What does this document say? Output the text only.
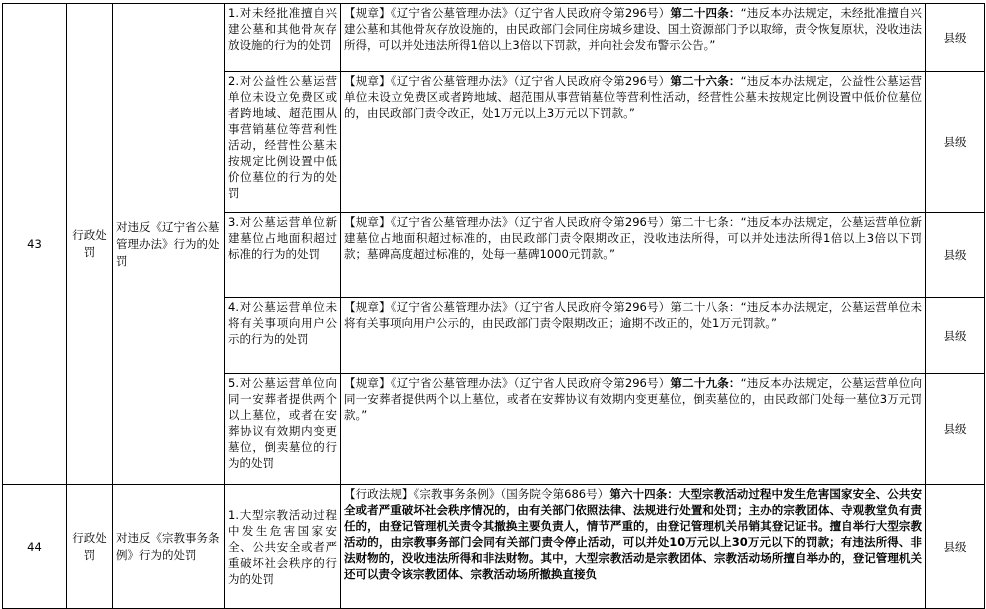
43	行政处罚	对违反《辽宁省公墓管理办法》行为的处罚	1.对未经批准擅自兴建公墓和其他骨灰存放设施的行为的处罚	【规章】《辽宁省公墓管理办法》（辽宁省人民政府令第296号）第二十四条：“违反本办法规定，未经批准擅自兴建公墓和其他骨灰存放设施的，由民政部门会同住房城乡建设、国土资源部门予以取缔，责令恢复原状，没收违法所得，可以并处违法所得1倍以上3倍以下罚款，并向社会发布警示公告。”	县级

			2.对公益性公墓运营单位未设立免费区或者跨地域、超范围从事营销墓位等营利性活动，经营性公墓未按规定比例设置中低价位墓位的行为的处罚	【规章】《辽宁省公墓管理办法》（辽宁省人民政府令第296号）第二十六条：“违反本办法规定，公益性公墓运营单位未设立免费区或者跨地域、超范围从事营销墓位等营利性活动，经营性公墓未按规定比例设置中低价位墓位的，由民政部门责令改正，处1万元以上3万元以下罚款。”	县级

			3.对公墓运营单位新建墓位占地面积超过标准的行为的处罚	【规章】《辽宁省公墓管理办法》（辽宁省人民政府令第296号）第二十七条：“违反本办法规定，公墓运营单位新建墓位占地面积超过标准的，由民政部门责令限期改正，没收违法所得，可以并处违法所得1倍以上3倍以下罚款；墓碑高度超过标准的，处每一墓碑1000元罚款。”	县级

			4.对公墓运营单位未将有关事项向用户公示的行为的处罚	【规章】《辽宁省公墓管理办法》（辽宁省人民政府令第296号）第二十八条：“违反本办法规定，公墓运营单位未将有关事项向用户公示的，由民政部门责令限期改正；逾期不改正的，处1万元罚款。”	县级

			5.对公墓运营单位向同一安葬者提供两个以上墓位，或者在安葬协议有效期内变更墓位，倒卖墓位的行为的处罚	【规章】《辽宁省公墓管理办法》（辽宁省人民政府令第296号）第二十九条：“违反本办法规定，公墓运营单位向同一安葬者提供两个以上墓位，或者在安葬协议有效期内变更墓位，倒卖墓位的，由民政部门处每一墓位3万元罚款。”	县级
44	行政处罚	对违反《宗教事务条例》行为的处罚	1.大型宗教活动过程中发生危害国家安全、公共安全或者严重破坏社会秩序的行为的处罚	【行政法规】《宗教事务条例》（国务院令第686号）第六十四条：大型宗教活动过程中发生危害国家安全、公共安全或者严重破坏社会秩序情况的，由有关部门依照法律、法规进行处置和处罚；主办的宗教团体、寺观教堂负有责任的，由登记管理机关责令其撤换主要负责人，情节严重的，由登记管理机关吊销其登记证书。擅自举行大型宗教活动的，由宗教事务部门会同有关部门责令停止活动，可以并处10万元以上30万元以下的罚款；有违法所得、非法财物的，没收违法所得和非法财物。其中，大型宗教活动是宗教团体、宗教活动场所擅自举办的，登记管理机关还可以责令该宗教团体、宗教活动场所撤换直接负	县级
